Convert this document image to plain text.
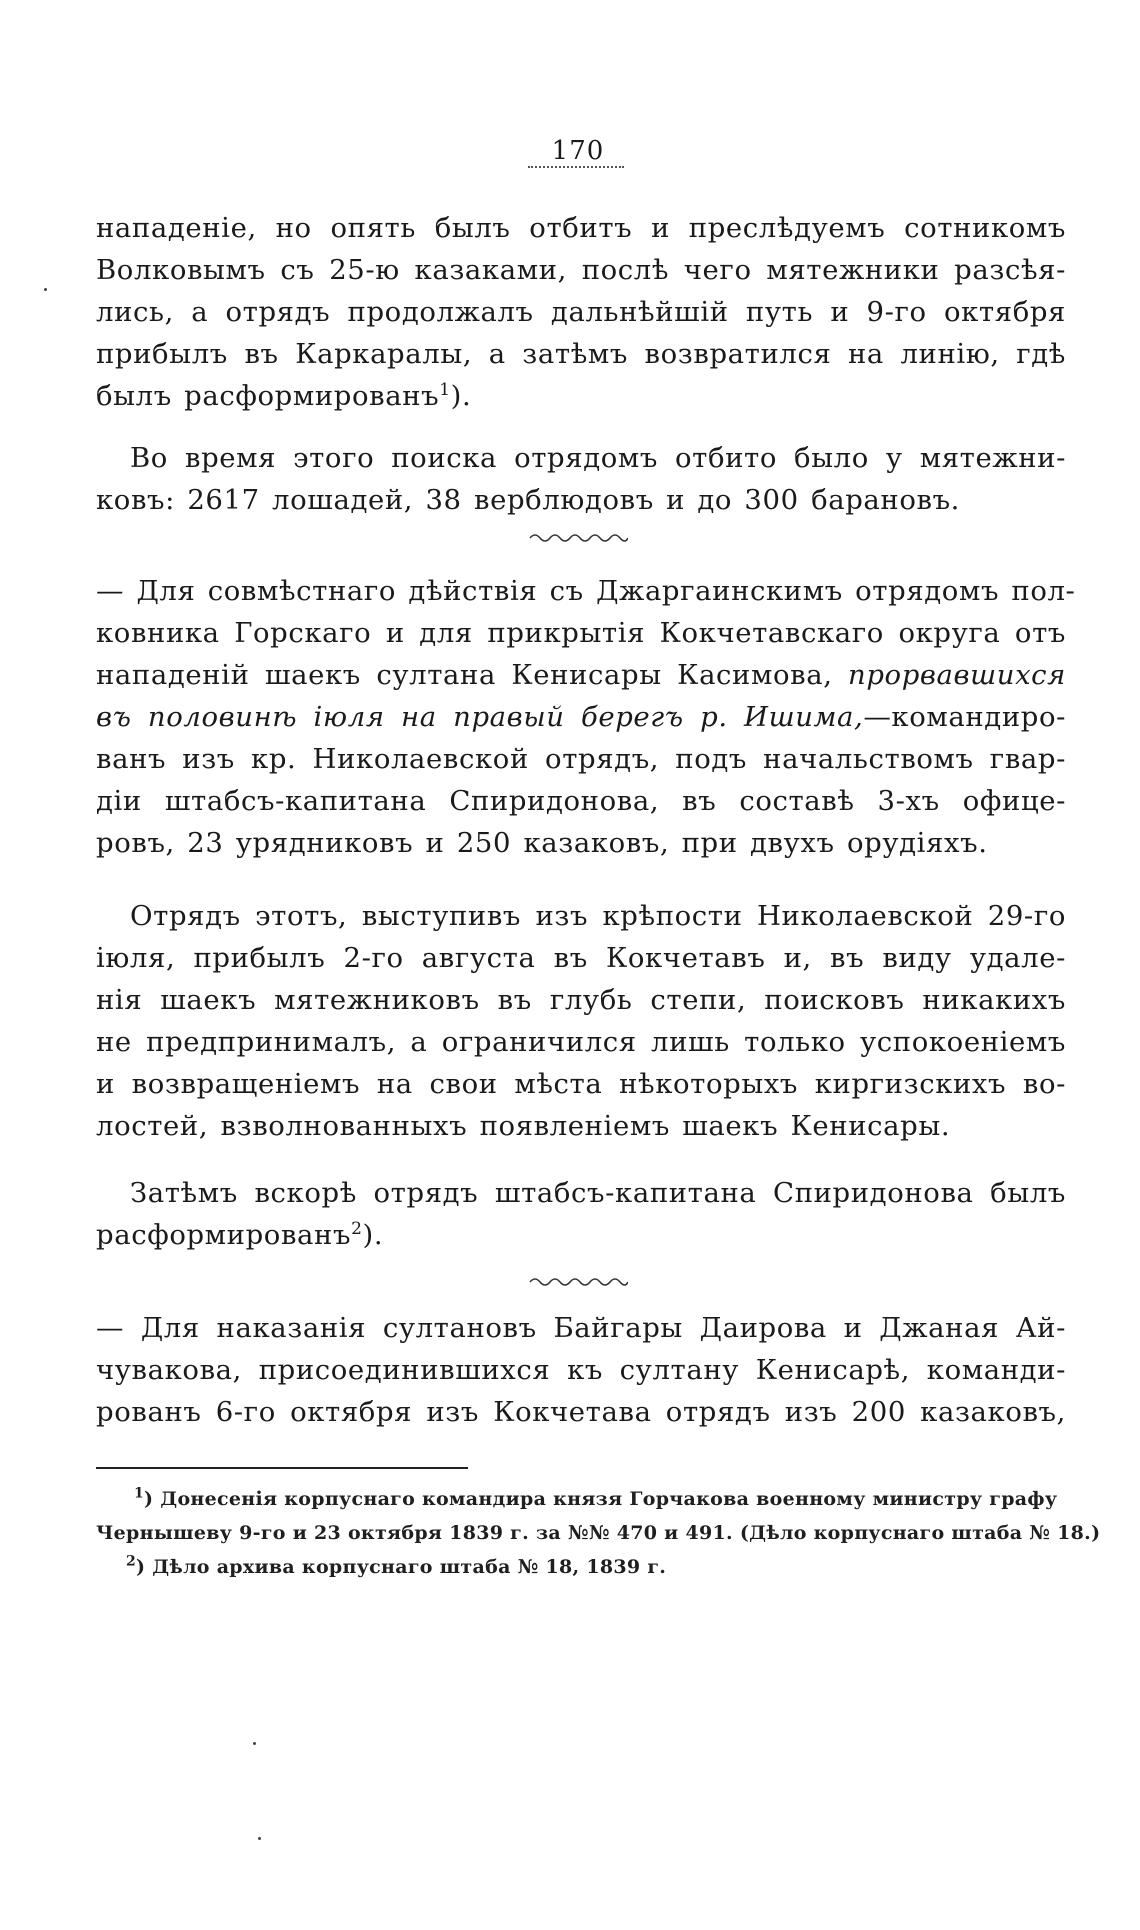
170
нападеніе, но опять былъ отбитъ и преслѣдуемъ сотникомъ
Волковымъ съ 25-ю казаками, послѣ чего мятежники разсѣя-
лись, а отрядъ продолжалъ дальнѣйшій путь и 9-го октября
прибылъ въ Каркаралы, а затѣмъ возвратился на линію, гдѣ
былъ расформированъ$^1$).
Во время этого поиска отрядомъ отбито было у мятежни-
ковъ: 2617 лошадей, 38 верблюдовъ и до 300 барановъ.
— Для совмѣстнаго дѣйствія съ Джаргаинскимъ отрядомъ пол-
ковника Горскаго и для прикрытія Кокчетавскаго округа отъ
нападеній шаекъ султана Кенисары Касимова, прорвавшихся
въ половинѣ іюля на правый берегъ р. Ишима,—командиро-
ванъ изъ кр. Николаевской отрядъ, подъ начальствомъ гвар-
діи штабсъ-капитана Спиридонова, въ составѣ 3-хъ офице-
ровъ, 23 урядниковъ и 250 казаковъ, при двухъ орудіяхъ.
Отрядъ этотъ, выступивъ изъ крѣпости Николаевской 29-го
іюля, прибылъ 2-го августа въ Кокчетавъ и, въ виду удале-
нія шаекъ мятежниковъ въ глубь степи, поисковъ никакихъ
не предпринималъ, а ограничился лишь только успокоеніемъ
и возвращеніемъ на свои мѣста нѣкоторыхъ киргизскихъ во-
лостей, взволнованныхъ появленіемъ шаекъ Кенисары.
Затѣмъ вскорѣ отрядъ штабсъ-капитана Спиридонова былъ
расформированъ$^2$).
— Для наказанія султановъ Байгары Даирова и Джаная Ай-
чувакова, присоединившихся къ султану Кенисарѣ, команди-
рованъ 6-го октября изъ Кокчетава отрядъ изъ 200 казаковъ,
$^1$) Донесенія корпуснаго командира князя Горчакова военному министру графу
Чернышеву 9-го и 23 октября 1839 г. за №№ 470 и 491. (Дѣло корпуснаго штаба № 18.)
$^2$) Дѣло архива корпуснаго штаба № 18, 1839 г.
